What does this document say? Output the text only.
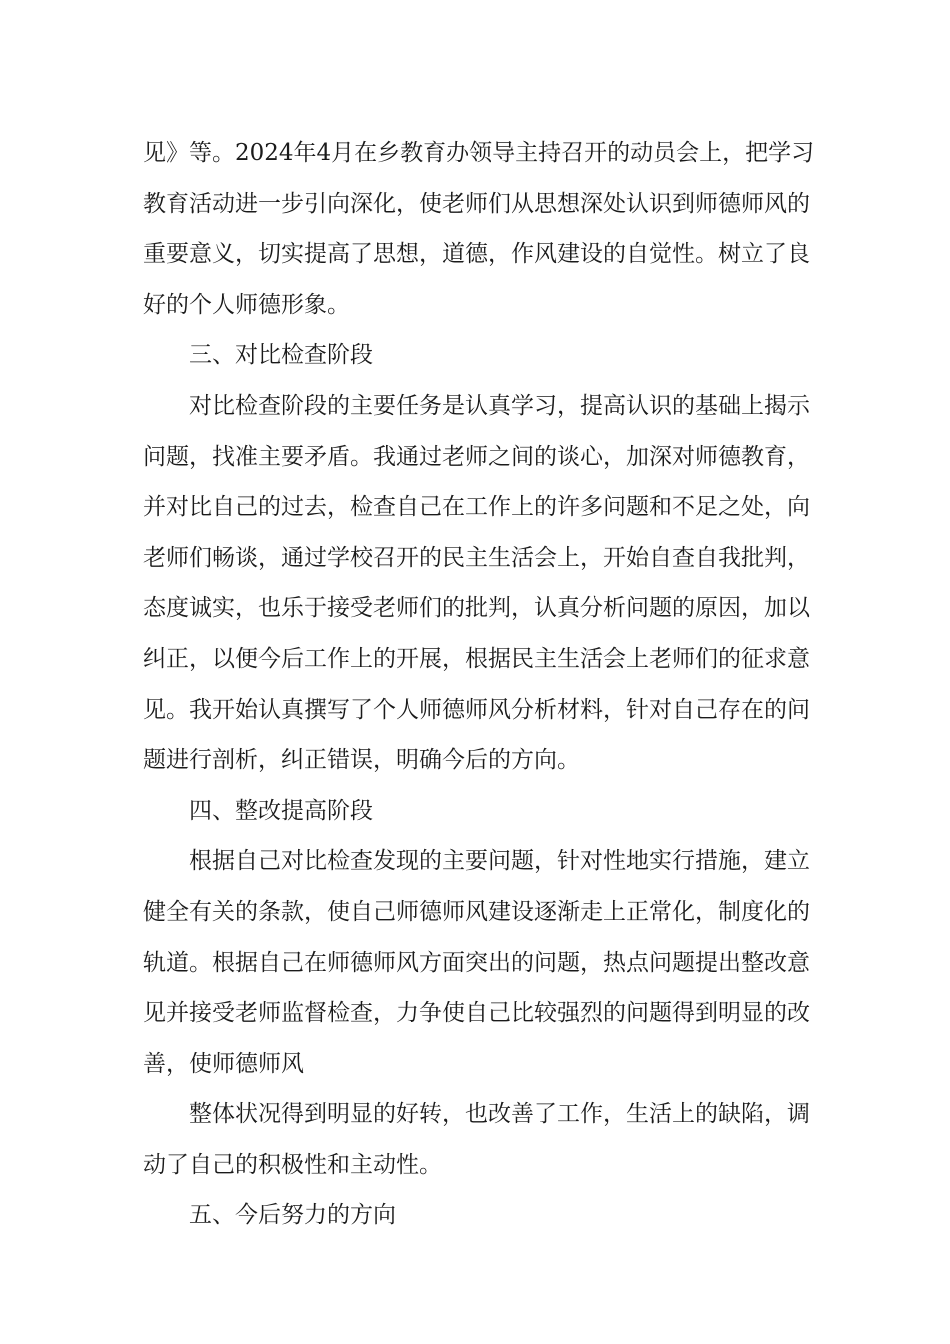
见》等。2024年4月在乡教育办领导主持召开的动员会上，把学习
教育活动进一步引向深化，使老师们从思想深处认识到师德师风的
重要意义，切实提高了思想，道德，作风建设的自觉性。树立了良
好的个人师德形象。
三、对比检查阶段
对比检查阶段的主要任务是认真学习，提高认识的基础上揭示
问题，找准主要矛盾。我通过老师之间的谈心，加深对师德教育，
并对比自己的过去，检查自己在工作上的许多问题和不足之处，向
老师们畅谈，通过学校召开的民主生活会上，开始自查自我批判，
态度诚实，也乐于接受老师们的批判，认真分析问题的原因，加以
纠正，以便今后工作上的开展，根据民主生活会上老师们的征求意
见。我开始认真撰写了个人师德师风分析材料，针对自己存在的问
题进行剖析，纠正错误，明确今后的方向。
四、整改提高阶段
根据自己对比检查发现的主要问题，针对性地实行措施，建立
健全有关的条款，使自己师德师风建设逐渐走上正常化，制度化的
轨道。根据自己在师德师风方面突出的问题，热点问题提出整改意
见并接受老师监督检查，力争使自己比较强烈的问题得到明显的改
善，使师德师风
整体状况得到明显的好转，也改善了工作，生活上的缺陷，调
动了自己的积极性和主动性。
五、今后努力的方向
